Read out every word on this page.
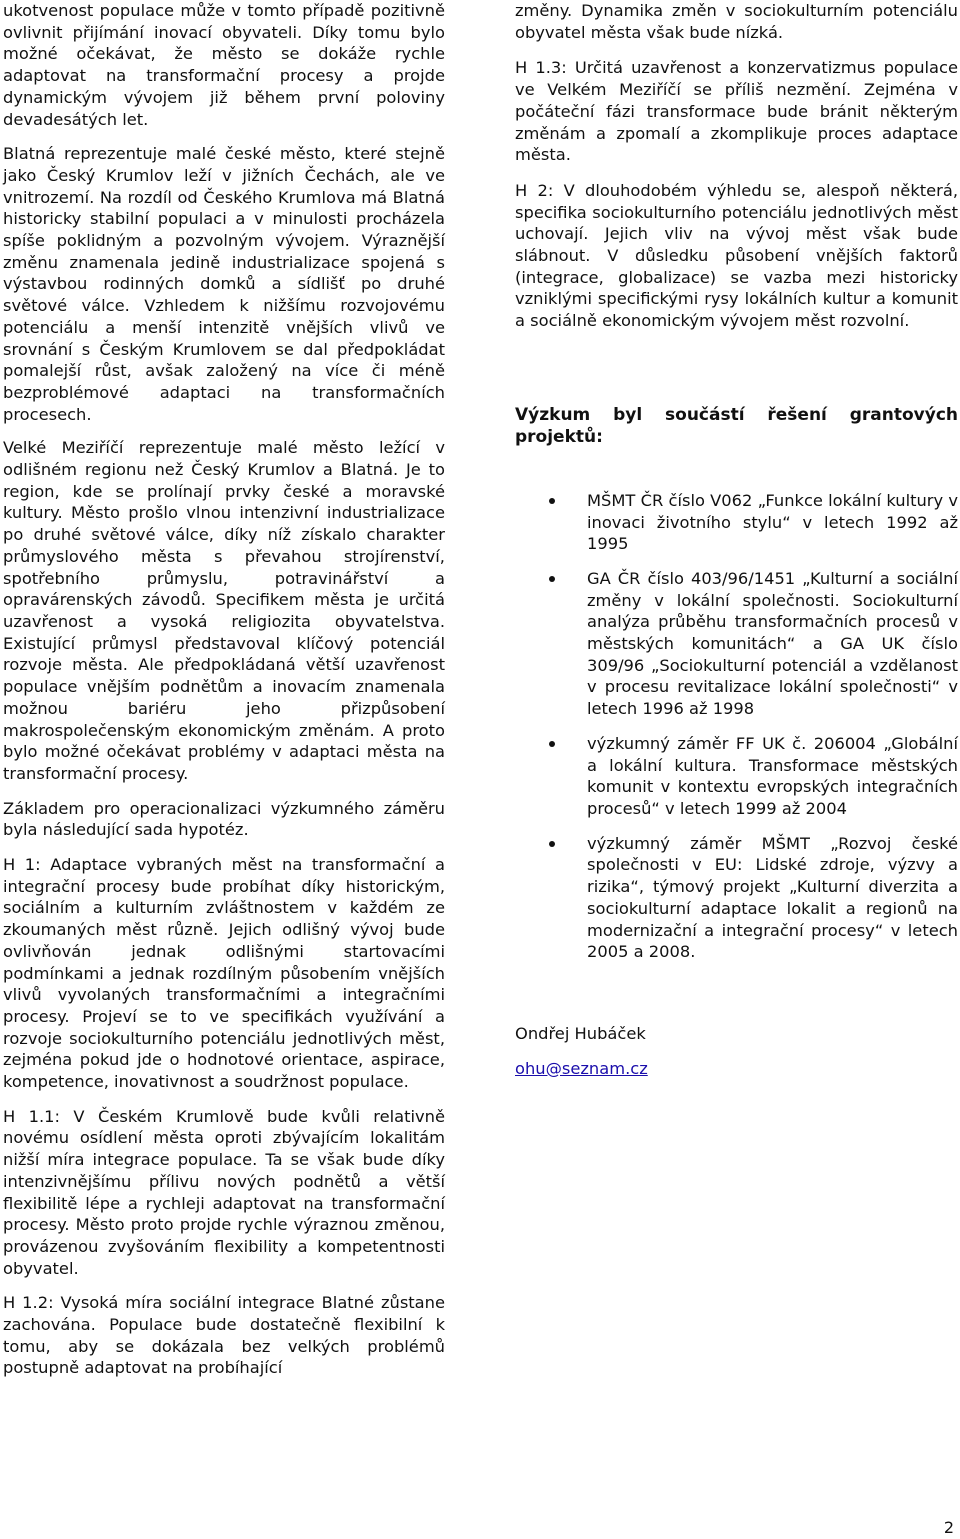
ukotvenost populace může v tomto případě pozitivně ovlivnit přijímání inovací obyvateli. Díky tomu bylo možné očekávat, že město se dokáže rychle adaptovat na transformační procesy a projde dynamickým vývojem již během první poloviny devadesátých let.

Blatná reprezentuje malé české město, které stejně jako Český Krumlov leží v jižních Čechách, ale ve vnitrozemí. Na rozdíl od Českého Krumlova má Blatná historicky stabilní populaci a v minulosti procházela spíše poklidným a pozvolným vývojem. Výraznější změnu znamenala jedině industrializace spojená s výstavbou rodinných domků a sídlišť po druhé světové válce. Vzhledem k nižšímu rozvojovému potenciálu a menší intenzitě vnějších vlivů ve srovnání s Českým Krumlovem se dal předpokládat pomalejší růst, avšak založený na více či méně bezproblémové adaptaci na transformačních procesech.

Velké Meziříčí reprezentuje malé město ležící v odlišném regionu než Český Krumlov a Blatná. Je to region, kde se prolínají prvky české a moravské kultury. Město prošlo vlnou intenzivní industrializace po druhé světové válce, díky níž získalo charakter průmyslového města s převahou strojírenství, spotřebního průmyslu, potravinářství a opravárenských závodů. Specifikem města je určitá uzavřenost a vysoká religiozita obyvatelstva. Existující průmysl představoval klíčový potenciál rozvoje města. Ale předpokládaná větší uzavřenost populace vnějším podnětům a inovacím znamenala možnou bariéru jeho přizpůsobení makrospolečenským ekonomickým změnám. A proto bylo možné očekávat problémy v adaptaci města na transformační procesy.

Základem pro operacionalizaci výzkumného záměru byla následující sada hypotéz.

H 1: Adaptace vybraných měst na transformační a integrační procesy bude probíhat díky historickým, sociálním a kulturním zvláštnostem v každém ze zkoumaných měst různě. Jejich odlišný vývoj bude ovlivňován jednak odlišnými startovacími podmínkami a jednak rozdílným působením vnějších vlivů vyvolaných transformačními a integračními procesy. Projeví se to ve specifikách využívání a rozvoje sociokulturního potenciálu jednotlivých měst, zejména pokud jde o hodnotové orientace, aspirace, kompetence, inovativnost a soudržnost populace.

H 1.1: V Českém Krumlově bude kvůli relativně novému osídlení města oproti zbývajícím lokalitám nižší míra integrace populace. Ta se však bude díky intenzivnějšímu přílivu nových podnětů a větší flexibilitě lépe a rychleji adaptovat na transformační procesy. Město proto projde rychle výraznou změnou, provázenou zvyšováním flexibility a kompetentnosti obyvatel.

H 1.2: Vysoká míra sociální integrace Blatné zůstane zachována. Populace bude dostatečně flexibilní k tomu, aby se dokázala bez velkých problémů postupně adaptovat na probíhající

změny. Dynamika změn v sociokulturním potenciálu obyvatel města však bude nízká.

H 1.3: Určitá uzavřenost a konzervatizmus populace ve Velkém Meziříčí se příliš nezmění. Zejména v počáteční fázi transformace bude bránit některým změnám a zpomalí a zkomplikuje proces adaptace města.

H 2: V dlouhodobém výhledu se, alespoň některá, specifika sociokulturního potenciálu jednotlivých měst uchovají. Jejich vliv na vývoj měst však bude slábnout. V důsledku působení vnějších faktorů (integrace, globalizace) se vazba mezi historicky vzniklými specifickými rysy lokálních kultur a komunit a sociálně ekonomickým vývojem měst rozvolní.

Výzkum byl součástí řešení grantových projektů:

MŠMT ČR číslo V062 „Funkce lokální kultury v inovaci životního stylu“ v letech 1992 až 1995
GA ČR číslo 403/96/1451 „Kulturní a sociální změny v lokální společnosti. Sociokulturní analýza průběhu transformačních procesů v městských komunitách“ a GA UK číslo 309/96 „Sociokulturní potenciál a vzdělanost v procesu revitalizace lokální společnosti“ v letech 1996 až 1998
výzkumný záměr FF UK č. 206004 „Globální a lokální kultura. Transformace městských komunit v kontextu evropských integračních procesů“ v letech 1999 až 2004
výzkumný záměr MŠMT „Rozvoj české společnosti v EU: Lidské zdroje, výzvy a rizika“, týmový projekt „Kulturní diverzita a sociokulturní adaptace lokalit a regionů na modernizační a integrační procesy“ v letech 2005 a 2008.

Ondřej Hubáček

ohu@seznam.cz
2
